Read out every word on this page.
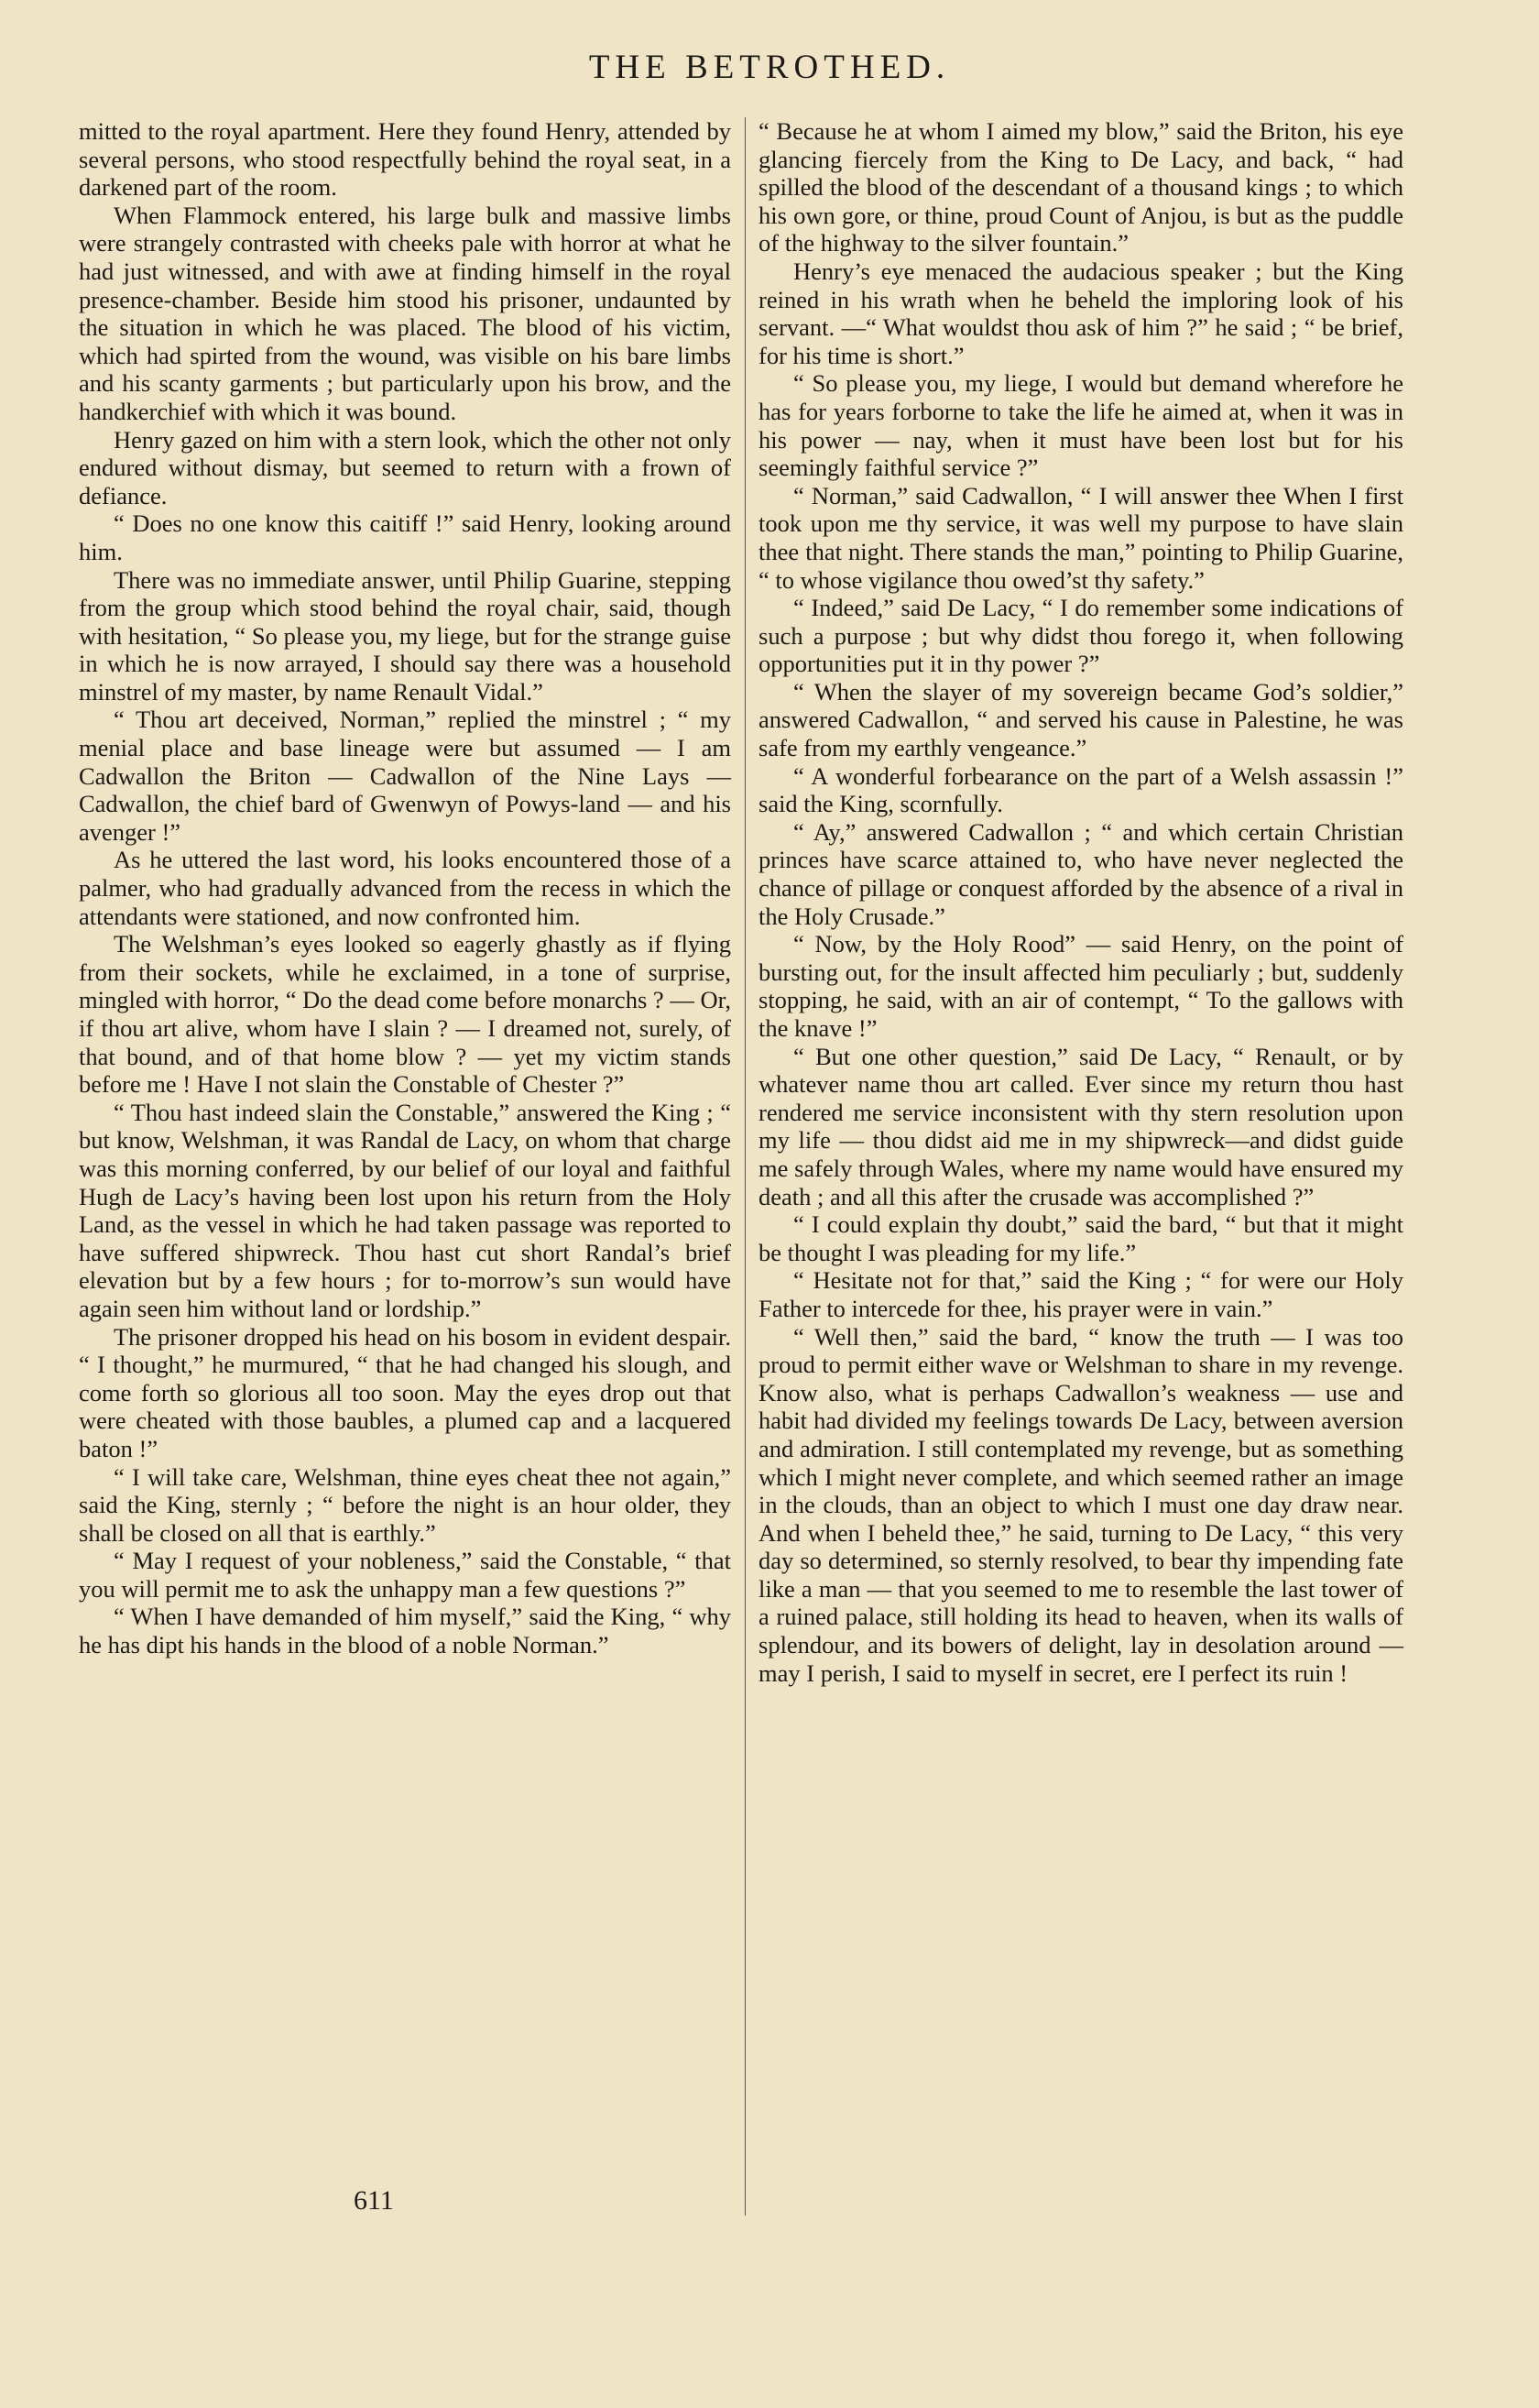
THE BETROTHED.

mitted to the royal apartment. Here they found Henry, attended by several persons, who stood respectfully behind the royal seat, in a darkened part of the room.

When Flammock entered, his large bulk and massive limbs were strangely contrasted with cheeks pale with horror at what he had just witnessed, and with awe at finding himself in the royal presence-chamber. Beside him stood his prisoner, undaunted by the situation in which he was placed. The blood of his victim, which had spirted from the wound, was visible on his bare limbs and his scanty garments ; but particularly upon his brow, and the handkerchief with which it was bound.

Henry gazed on him with a stern look, which the other not only endured without dismay, but seemed to return with a frown of defiance.

“ Does no one know this caitiff !” said Henry, looking around him.

There was no immediate answer, until Philip Guarine, stepping from the group which stood behind the royal chair, said, though with hesitation, “ So please you, my liege, but for the strange guise in which he is now arrayed, I should say there was a household minstrel of my master, by name Renault Vidal.”

“ Thou art deceived, Norman,” replied the minstrel ; “ my menial place and base lineage were but assumed — I am Cadwallon the Briton — Cadwallon of the Nine Lays — Cadwallon, the chief bard of Gwenwyn of Powys-land — and his avenger !”

As he uttered the last word, his looks encountered those of a palmer, who had gradually advanced from the recess in which the attendants were stationed, and now confronted him.

The Welshman’s eyes looked so eagerly ghastly as if flying from their sockets, while he exclaimed, in a tone of surprise, mingled with horror, “ Do the dead come before monarchs ? — Or, if thou art alive, whom have I slain ? — I dreamed not, surely, of that bound, and of that home blow ? — yet my victim stands before me ! Have I not slain the Constable of Chester ?”

“ Thou hast indeed slain the Constable,” answered the King ; “ but know, Welshman, it was Randal de Lacy, on whom that charge was this morning conferred, by our belief of our loyal and faithful Hugh de Lacy’s having been lost upon his return from the Holy Land, as the vessel in which he had taken passage was reported to have suffered shipwreck. Thou hast cut short Randal’s brief elevation but by a few hours ; for to-morrow’s sun would have again seen him without land or lordship.”

The prisoner dropped his head on his bosom in evident despair. “ I thought,” he murmured, “ that he had changed his slough, and come forth so glorious all too soon. May the eyes drop out that were cheated with those baubles, a plumed cap and a lacquered baton !”

“ I will take care, Welshman, thine eyes cheat thee not again,” said the King, sternly ; “ before the night is an hour older, they shall be closed on all that is earthly.”

“ May I request of your nobleness,” said the Constable, “ that you will permit me to ask the unhappy man a few questions ?”

“ When I have demanded of him myself,” said the King, “ why he has dipt his hands in the blood of a noble Norman.”

“ Because he at whom I aimed my blow,” said the Briton, his eye glancing fiercely from the King to De Lacy, and back, “ had spilled the blood of the descendant of a thousand kings ; to which his own gore, or thine, proud Count of Anjou, is but as the puddle of the highway to the silver fountain.”

Henry’s eye menaced the audacious speaker ; but the King reined in his wrath when he beheld the imploring look of his servant. —“ What wouldst thou ask of him ?” he said ; “ be brief, for his time is short.”

“ So please you, my liege, I would but demand wherefore he has for years forborne to take the life he aimed at, when it was in his power — nay, when it must have been lost but for his seemingly faithful service ?”

“ Norman,” said Cadwallon, “ I will answer thee When I first took upon me thy service, it was well my purpose to have slain thee that night. There stands the man,” pointing to Philip Guarine, “ to whose vigilance thou owed’st thy safety.”

“ Indeed,” said De Lacy, “ I do remember some indications of such a purpose ; but why didst thou forego it, when following opportunities put it in thy power ?”

“ When the slayer of my sovereign became God’s soldier,” answered Cadwallon, “ and served his cause in Palestine, he was safe from my earthly vengeance.”

“ A wonderful forbearance on the part of a Welsh assassin !” said the King, scornfully.

“ Ay,” answered Cadwallon ; “ and which certain Christian princes have scarce attained to, who have never neglected the chance of pillage or conquest afforded by the absence of a rival in the Holy Crusade.”

“ Now, by the Holy Rood” — said Henry, on the point of bursting out, for the insult affected him peculiarly ; but, suddenly stopping, he said, with an air of contempt, “ To the gallows with the knave !”

“ But one other question,” said De Lacy, “ Renault, or by whatever name thou art called. Ever since my return thou hast rendered me service inconsistent with thy stern resolution upon my life — thou didst aid me in my shipwreck—and didst guide me safely through Wales, where my name would have ensured my death ; and all this after the crusade was accomplished ?”

“ I could explain thy doubt,” said the bard, “ but that it might be thought I was pleading for my life.”

“ Hesitate not for that,” said the King ; “ for were our Holy Father to intercede for thee, his prayer were in vain.”

“ Well then,” said the bard, “ know the truth — I was too proud to permit either wave or Welshman to share in my revenge. Know also, what is perhaps Cadwallon’s weakness — use and habit had divided my feelings towards De Lacy, between aversion and admiration. I still contemplated my revenge, but as something which I might never complete, and which seemed rather an image in the clouds, than an object to which I must one day draw near. And when I beheld thee,” he said, turning to De Lacy, “ this very day so determined, so sternly resolved, to bear thy impending fate like a man — that you seemed to me to resemble the last tower of a ruined palace, still holding its head to heaven, when its walls of splendour, and its bowers of delight, lay in desolation around — may I perish, I said to myself in secret, ere I perfect its ruin !

611
